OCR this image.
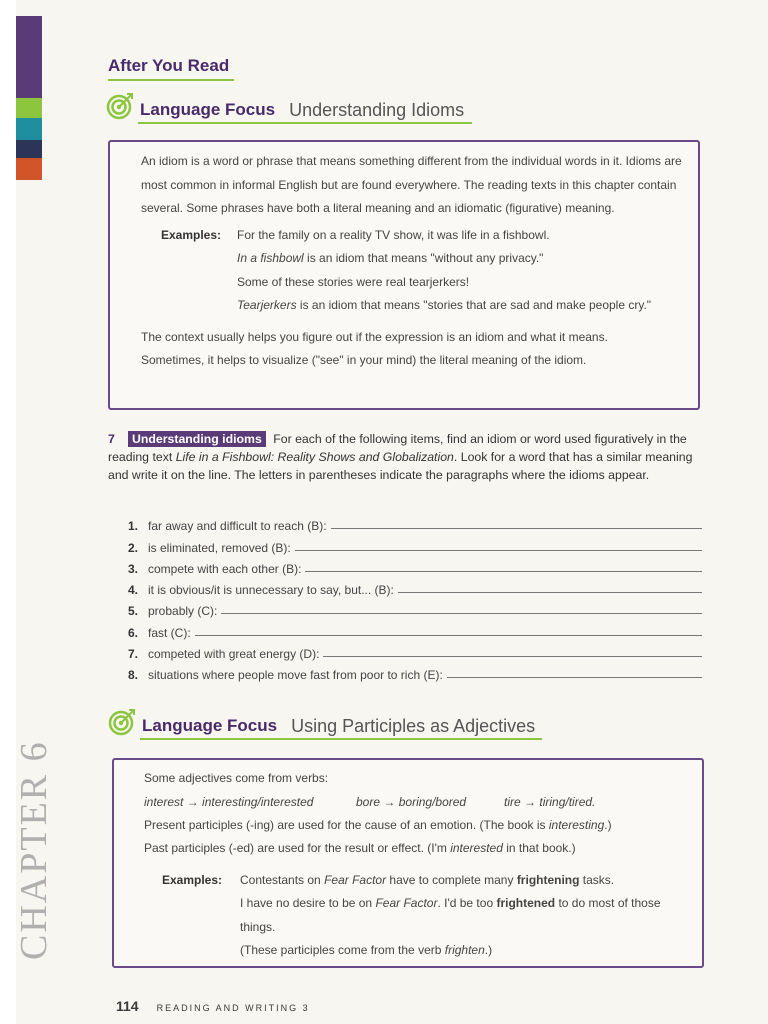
CHAPTER 6
After You Read
Language Focus Understanding Idioms

An idiom is a word or phrase that means something different from the individual words in it. Idioms are most common in informal English but are found everywhere. The reading texts in this chapter contain several. Some phrases have both a literal meaning and an idiomatic (figurative) meaning.

Examples:	For the family on a reality TV show, it was life in a fishbowl.
In a fishbowl is an idiom that means "without any privacy."
Some of these stories were real tearjerkers!
Tearjerkers is an idiom that means "stories that are sad and make people cry."

The context usually helps you figure out if the expression is an idiom and what it means.

Sometimes, it helps to visualize ("see" in your mind) the literal meaning of the idiom.

7 Understanding idioms For each of the following items, find an idiom or word used figuratively in the reading text Life in a Fishbowl: Reality Shows and Globalization. Look for a word that has a similar meaning and write it on the line. The letters in parentheses indicate the paragraphs where the idioms appear.
1. far away and difficult to reach (B):
2. is eliminated, removed (B):
3. compete with each other (B):
4. it is obvious/it is unnecessary to say, but... (B):
5. probably (C):
6. fast (C):
7. competed with great energy (D):
8. situations where people move fast from poor to rich (E):
Language Focus Using Participles as Adjectives

Some adjectives come from verbs:

interest → interesting/interested	bore → boring/bored	tire → tiring/tired.

Present participles (-ing) are used for the cause of an emotion. (The book is interesting.)

Past participles (-ed) are used for the result or effect. (I'm interested in that book.)

Examples:	Contestants on Fear Factor have to complete many frightening tasks.
I have no desire to be on Fear Factor. I'd be too frightened to do most of those
things.
(These participles come from the verb frighten.)
114 READING AND WRITING 3
